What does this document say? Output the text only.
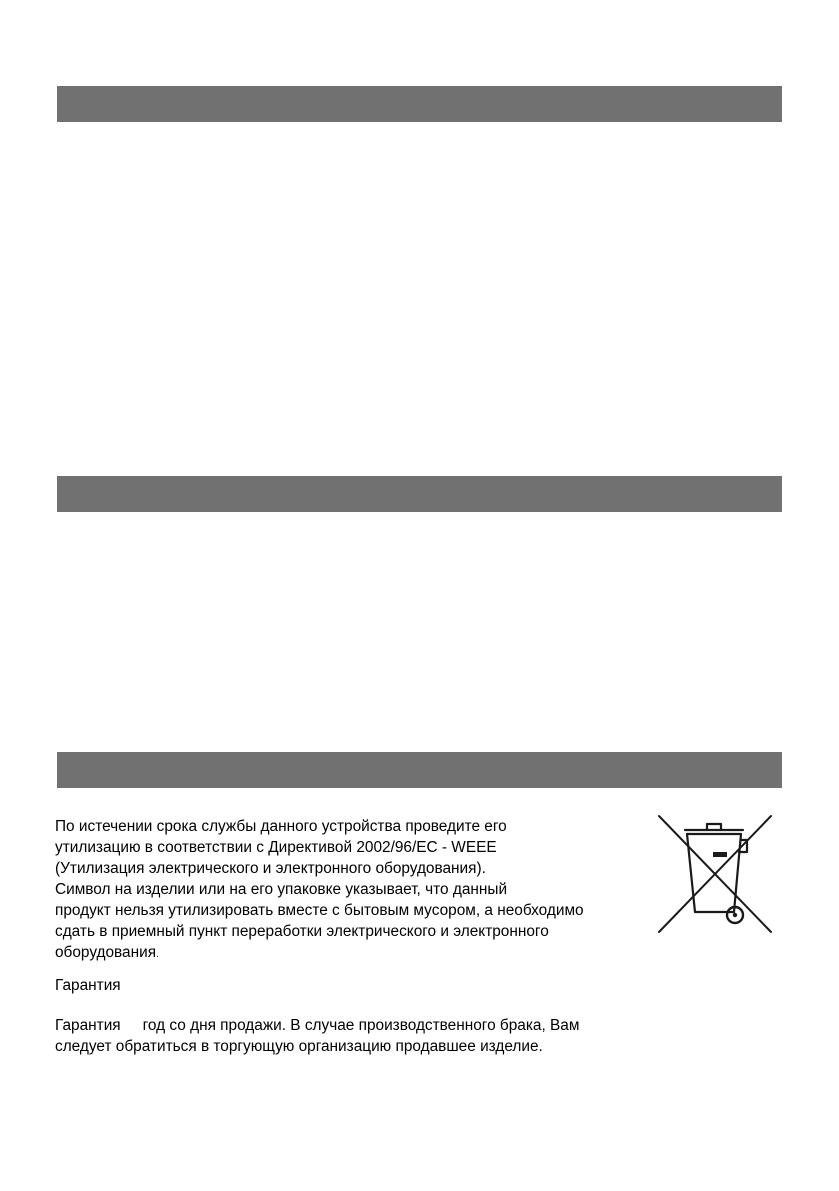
По истечении срока службы данного устройства проведите его
утилизацию в соответствии с Директивой 2002/96/EC - WEEE
(Утилизация электрического и электронного оборудования).
Символ на изделии или на его упаковке указывает, что данный
продукт нельзя утилизировать вместе с бытовым мусором, а необходимо
сдать в приемный пункт переработки электрического и электронного
оборудования.

Гарантия

Гарантия год со дня продажи. В случае производственного брака, Вам
следует обратиться в торгующую организацию продавшее изделие.
